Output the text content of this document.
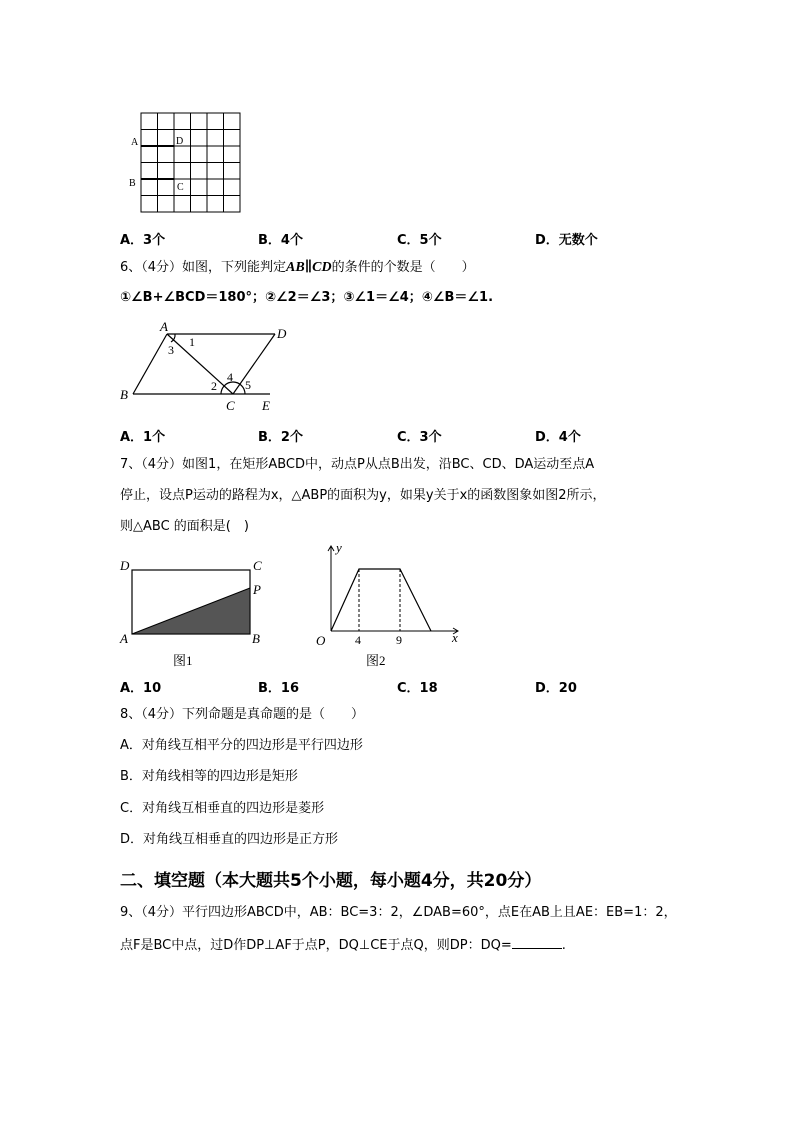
A	D
B	C
A．3个	B．4个	C．5个	D．无数个
6、（4分）如图，下列能判定AB∥CD的条件的个数是（　　）
①∠B+∠BCD＝180°；②∠2＝∠3；③∠1＝∠4；④∠B＝∠1.
A	D
B
C E
1
3
2
4
5
A．1个	B．2个	C．3个	D．4个
7、（4分）如图1，在矩形ABCD中，动点P从点B出发，沿BC、CD、DA运动至点A
停止，设点P运动的路程为x，△ABP的面积为y，如果y关于x的函数图象如图2所示，
则△ABC 的面积是(　)
D	C
P
A	B
图1
y
x
O 4	9
图2
A．10	B．16	C．18	D．20
8、（4分）下列命题是真命题的是（　　）
A．对角线互相平分的四边形是平行四边形
B．对角线相等的四边形是矩形
C．对角线互相垂直的四边形是菱形
D．对角线互相垂直的四边形是正方形
二、填空题（本大题共5个小题，每小题4分，共20分）
9、（4分）平行四边形ABCD中，AB：BC=3：2，∠DAB=60°，点E在AB上且AE：EB=1：2，
点F是BC中点，过D作DP⊥AF于点P，DQ⊥CE于点Q，则DP：DQ=	.
